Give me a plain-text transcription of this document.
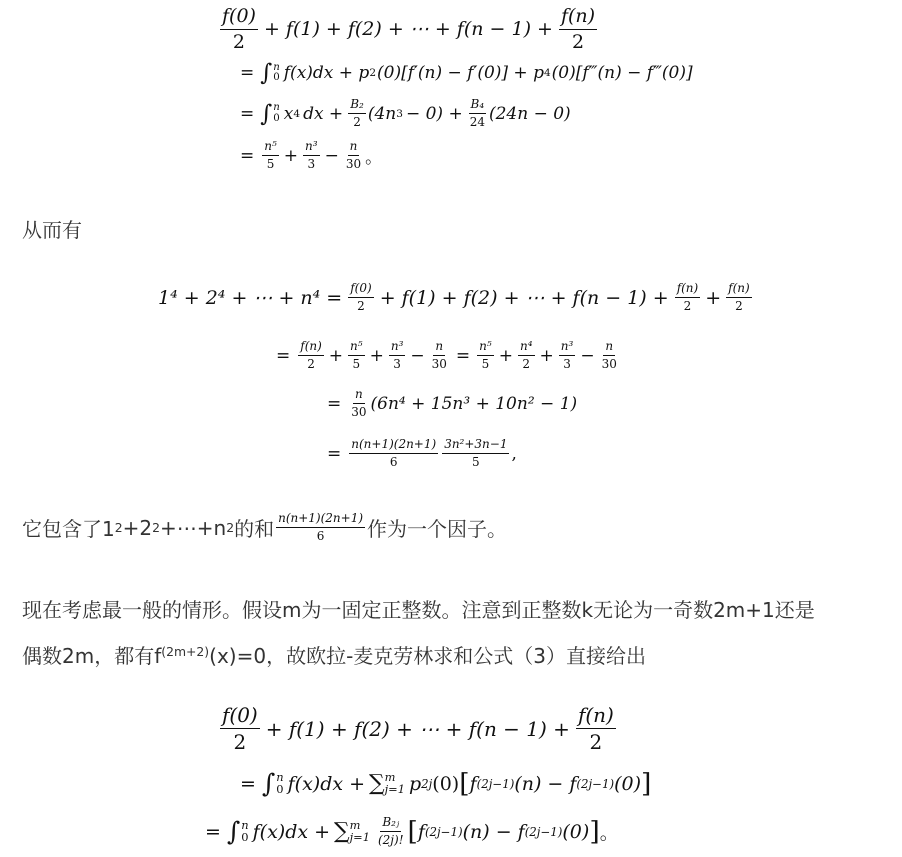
$\frac{f(0)}{2} + f(1) + f(2)$ + ⋯ + $f(n - 1) + \frac{f(n)}{2}$
= ∫ n
0 f(x)dx + p 2 (0)[f′(n) − f′(0)] + p 4 (0)[f‴(n) − f‴(0)]
= ∫ n
0 x 4 dx + $\frac{\text{B₂}}{2} (4n$ $3 - 0) + \frac{\text{B₄}}{24} (24n - 0)$
= $\frac{\text{n⁵}}{5} + \frac{\text{n³}}{3} - \frac{n}{30}$ 。
从而有
1⁴ + 2⁴ + ⋯ + $n^4 = \frac{f(0)}{2} + f(1) + f(2)$ + ⋯ + $f(n - 1) + \frac{f(n)}{2} + \frac{f(n)}{2}$
= $\frac{f(n)}{2} + \frac{\text{n⁵}}{5} + \frac{\text{n³}}{3} - \frac{n}{30} = \frac{\text{n⁵}}{5} + \frac{\text{n⁴}}{2} + \frac{\text{n³}}{3} - \frac{n}{30}$
= $\frac{n}{30} (6n^4 + 15n^3 + 10n^2 - 1)$
= $\frac{n(n+1)(2n+1)}{6} \frac{\text{3n²+3n−1}}{5}$ ,
它包含了1 2 +2 2 +⋯+n 2 的和 $\frac{n(n+1)(2n+1)}{6}$ 作为一个因子。
现在考虑最一般的情形。假设m为一固定正整数。注意到正整数k无论为一奇数2m+1还是
偶数2m，都有$f^{(2m+2)}(x)=0$，故欧拉-麦克劳林求和公式（3）直接给出
$\frac{f(0)}{2} + f(1) + f(2)$ + ⋯ + $f(n - 1) + \frac{f(n)}{2}$
= ∫ n
0 f(x)dx + ∑ m
j=1 p 2j (0) [ f (2j−1) (n) − f (2j−1) (0) ]
= ∫ n
0 f(x)dx + ∑ m
$j=1 \frac{\text{B₂ⱼ}}{(2j)!}$ [ f (2j−1) (n) − f (2j−1) (0) ] 。
